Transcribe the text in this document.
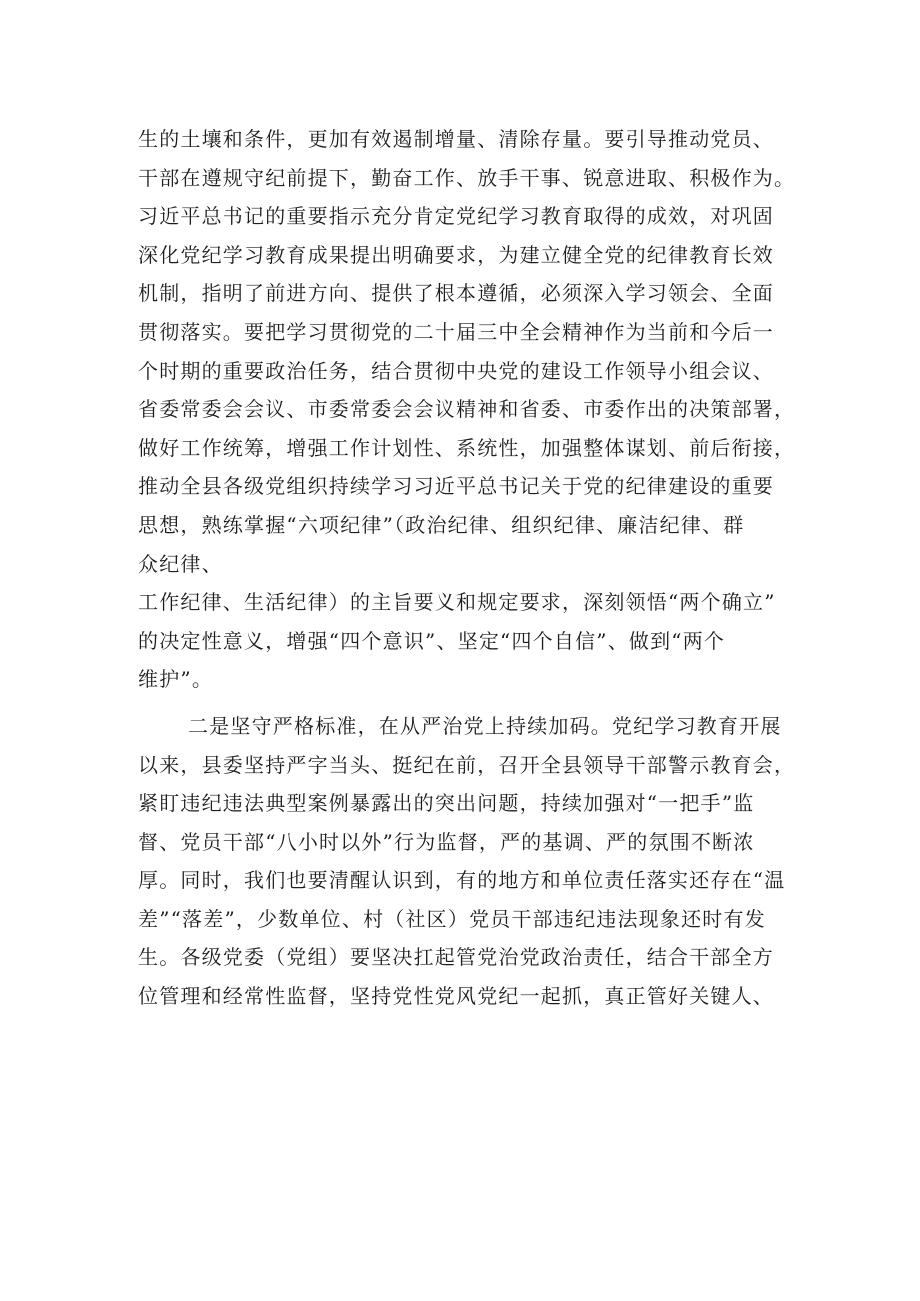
生的土壤和条件，更加有效遏制增量、清除存量。要引导推动党员、
干部在遵规守纪前提下，勤奋工作、放手干事、锐意进取、积极作为。
习近平总书记的重要指示充分肯定党纪学习教育取得的成效，对巩固
深化党纪学习教育成果提出明确要求，为建立健全党的纪律教育长效
机制，指明了前进方向、提供了根本遵循，必须深入学习领会、全面
贯彻落实。要把学习贯彻党的二十届三中全会精神作为当前和今后一
个时期的重要政治任务，结合贯彻中央党的建设工作领导小组会议、
省委常委会会议、市委常委会会议精神和省委、市委作出的决策部署，
做好工作统筹，增强工作计划性、系统性，加强整体谋划、前后衔接，
推动全县各级党组织持续学习习近平总书记关于党的纪律建设的重要
思想，熟练掌握“六项纪律”（政治纪律、组织纪律、廉洁纪律、群
众纪律、
工作纪律、生活纪律）的主旨要义和规定要求，深刻领悟“两个确立”
的决定性意义，增强“四个意识”、坚定“四个自信”、做到“两个
维护”。
二是坚守严格标准，在从严治党上持续加码。党纪学习教育开展
以来，县委坚持严字当头、挺纪在前，召开全县领导干部警示教育会，
紧盯违纪违法典型案例暴露出的突出问题，持续加强对“一把手”监
督、党员干部“八小时以外”行为监督，严的基调、严的氛围不断浓
厚。同时，我们也要清醒认识到，有的地方和单位责任落实还存在“温
差”“落差”，少数单位、村（社区）党员干部违纪违法现象还时有发
生。各级党委（党组）要坚决扛起管党治党政治责任，结合干部全方
位管理和经常性监督，坚持党性党风党纪一起抓，真正管好关键人、
